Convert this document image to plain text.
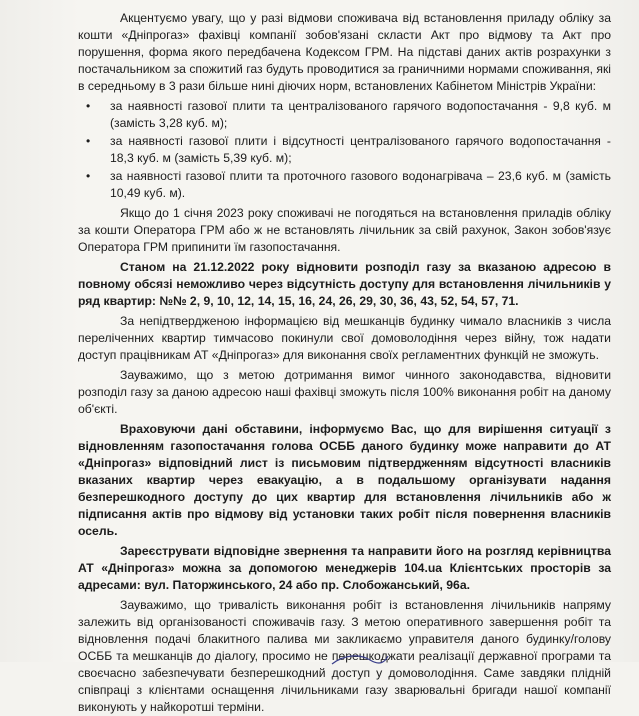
Акцентуємо увагу, що у разі відмови споживача від встановлення приладу обліку за кошти «Дніпрогаз» фахівці компанії зобов'язані скласти Акт про відмову та Акт про порушення, форма якого передбачена Кодексом ГРМ. На підставі даних актів розрахунки з постачальником за спожитий газ будуть проводитися за граничними нормами споживання, які в середньому в 3 рази більше нині діючих норм, встановлених Кабінетом Міністрів України:

• за наявності газової плити та централізованого гарячого водопостачання - 9,8 куб. м (замість 3,28 куб. м);
• за наявності газової плити і відсутності централізованого гарячого водопостачання - 18,3 куб. м (замість 5,39 куб. м);
• за наявності газової плити та проточного газового водонагрівача – 23,6 куб. м (замість 10,49 куб. м).

Якщо до 1 січня 2023 року споживачі не погодяться на встановлення приладів обліку за кошти Оператора ГРМ або ж не встановлять лічильник за свій рахунок, Закон зобов'язує Оператора ГРМ припинити їм газопостачання.

Станом на 21.12.2022 року відновити розподіл газу за вказаною адресою в повному обсязі неможливо через відсутність доступу для встановлення лічильників у ряд квартир: №№ 2, 9, 10, 12, 14, 15, 16, 24, 26, 29, 30, 36, 43, 52, 54, 57, 71.

За непідтвердженою інформацією від мешканців будинку чимало власників з числа переліченних квартир тимчасово покинули свої домоволодіння через війну, тож надати доступ працівникам АТ «Дніпрогаз» для виконання своїх регламентних функцій не зможуть.

Зауважимо, що з метою дотримання вимог чинного законодавства, відновити розподіл газу за даною адресою наші фахівці зможуть після 100% виконання робіт на даному об'єкті.

Враховуючи дані обставини, інформуємо Вас, що для вирішення ситуації з відновленням газопостачання голова ОСББ даного будинку може направити до АТ «Дніпрогаз» відповідний лист із письмовим підтвердженням відсутності власників вказаних квартир через евакуацію, а в подальшому організувати надання безперешкодного доступу до цих квартир для встановлення лічильників або ж підписання актів про відмову від установки таких робіт після повернення власників осель.

Зареєструвати відповідне звернення та направити його на розгляд керівництва АТ «Дніпрогаз» можна за допомогою менеджерів 104.ua Клієнтських просторів за адресами: вул. Паторжинського, 24 або пр. Слобожанський, 96а.

Зауважимо, що тривалість виконання робіт із встановлення лічильників напряму залежить від організованості споживачів газу. З метою оперативного завершення робіт та відновлення подачі блакитного палива ми закликаємо управителя даного будинку/голову ОСББ та мешканців до діалогу, просимо не перешкоджати реалізації державної програми та своєчасно забезпечувати безперешкодний доступ у домоволодіння. Саме завдяки плідній співпраці з клієнтами оснащення лічильниками газу зварювальні бригади нашої компанії виконують у найкоротші терміни.
